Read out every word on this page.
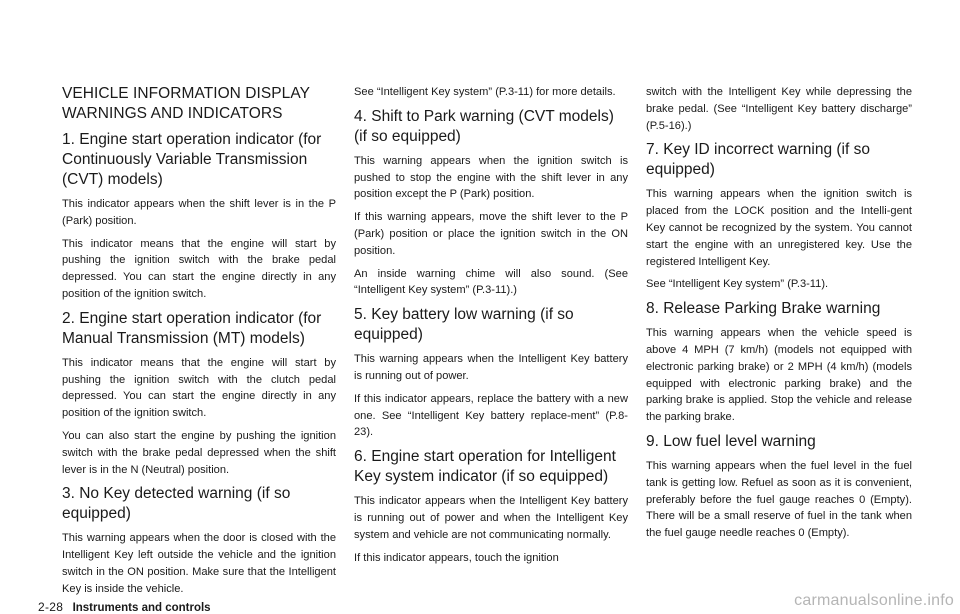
VEHICLE INFORMATION DISPLAY WARNINGS AND INDICATORS
1. Engine start operation indicator (for Continuously Variable Transmission (CVT) models)

This indicator appears when the shift lever is in the P (Park) position.

This indicator means that the engine will start by pushing the ignition switch with the brake pedal depressed. You can start the engine directly in any position of the ignition switch.

2. Engine start operation indicator (for Manual Transmission (MT) models)

This indicator means that the engine will start by pushing the ignition switch with the clutch pedal depressed. You can start the engine directly in any position of the ignition switch.

You can also start the engine by pushing the ignition switch with the brake pedal depressed when the shift lever is in the N (Neutral) position.

3. No Key detected warning (if so equipped)

This warning appears when the door is closed with the Intelligent Key left outside the vehicle and the ignition switch in the ON position. Make sure that the Intelligent Key is inside the vehicle.

See “Intelligent Key system” (P.3-11) for more details.

4. Shift to Park warning (CVT models) (if so equipped)

This warning appears when the ignition switch is pushed to stop the engine with the shift lever in any position except the P (Park) position.

If this warning appears, move the shift lever to the P (Park) position or place the ignition switch in the ON position.

An inside warning chime will also sound. (See “Intelligent Key system” (P.3-11).)

5. Key battery low warning (if so equipped)

This warning appears when the Intelligent Key battery is running out of power.

If this indicator appears, replace the battery with a new one. See “Intelligent Key battery replace-ment” (P.8-23).

6. Engine start operation for Intelligent Key system indicator (if so equipped)

This indicator appears when the Intelligent Key battery is running out of power and when the Intelligent Key system and vehicle are not communicating normally.

If this indicator appears, touch the ignition

switch with the Intelligent Key while depressing the brake pedal. (See “Intelligent Key battery discharge” (P.5-16).)

7. Key ID incorrect warning (if so equipped)

This warning appears when the ignition switch is placed from the LOCK position and the Intelli-gent Key cannot be recognized by the system. You cannot start the engine with an unregistered key. Use the registered Intelligent Key.

See “Intelligent Key system” (P.3-11).

8. Release Parking Brake warning

This warning appears when the vehicle speed is above 4 MPH (7 km/h) (models not equipped with electronic parking brake) or 2 MPH (4 km/h) (models equipped with electronic parking brake) and the parking brake is applied. Stop the vehicle and release the parking brake.

9. Low fuel level warning

This warning appears when the fuel level in the fuel tank is getting low. Refuel as soon as it is convenient, preferably before the fuel gauge reaches 0 (Empty). There will be a small reserve of fuel in the tank when the fuel gauge needle reaches 0 (Empty).

2-28 Instruments and controls	carmanualsonline.info
